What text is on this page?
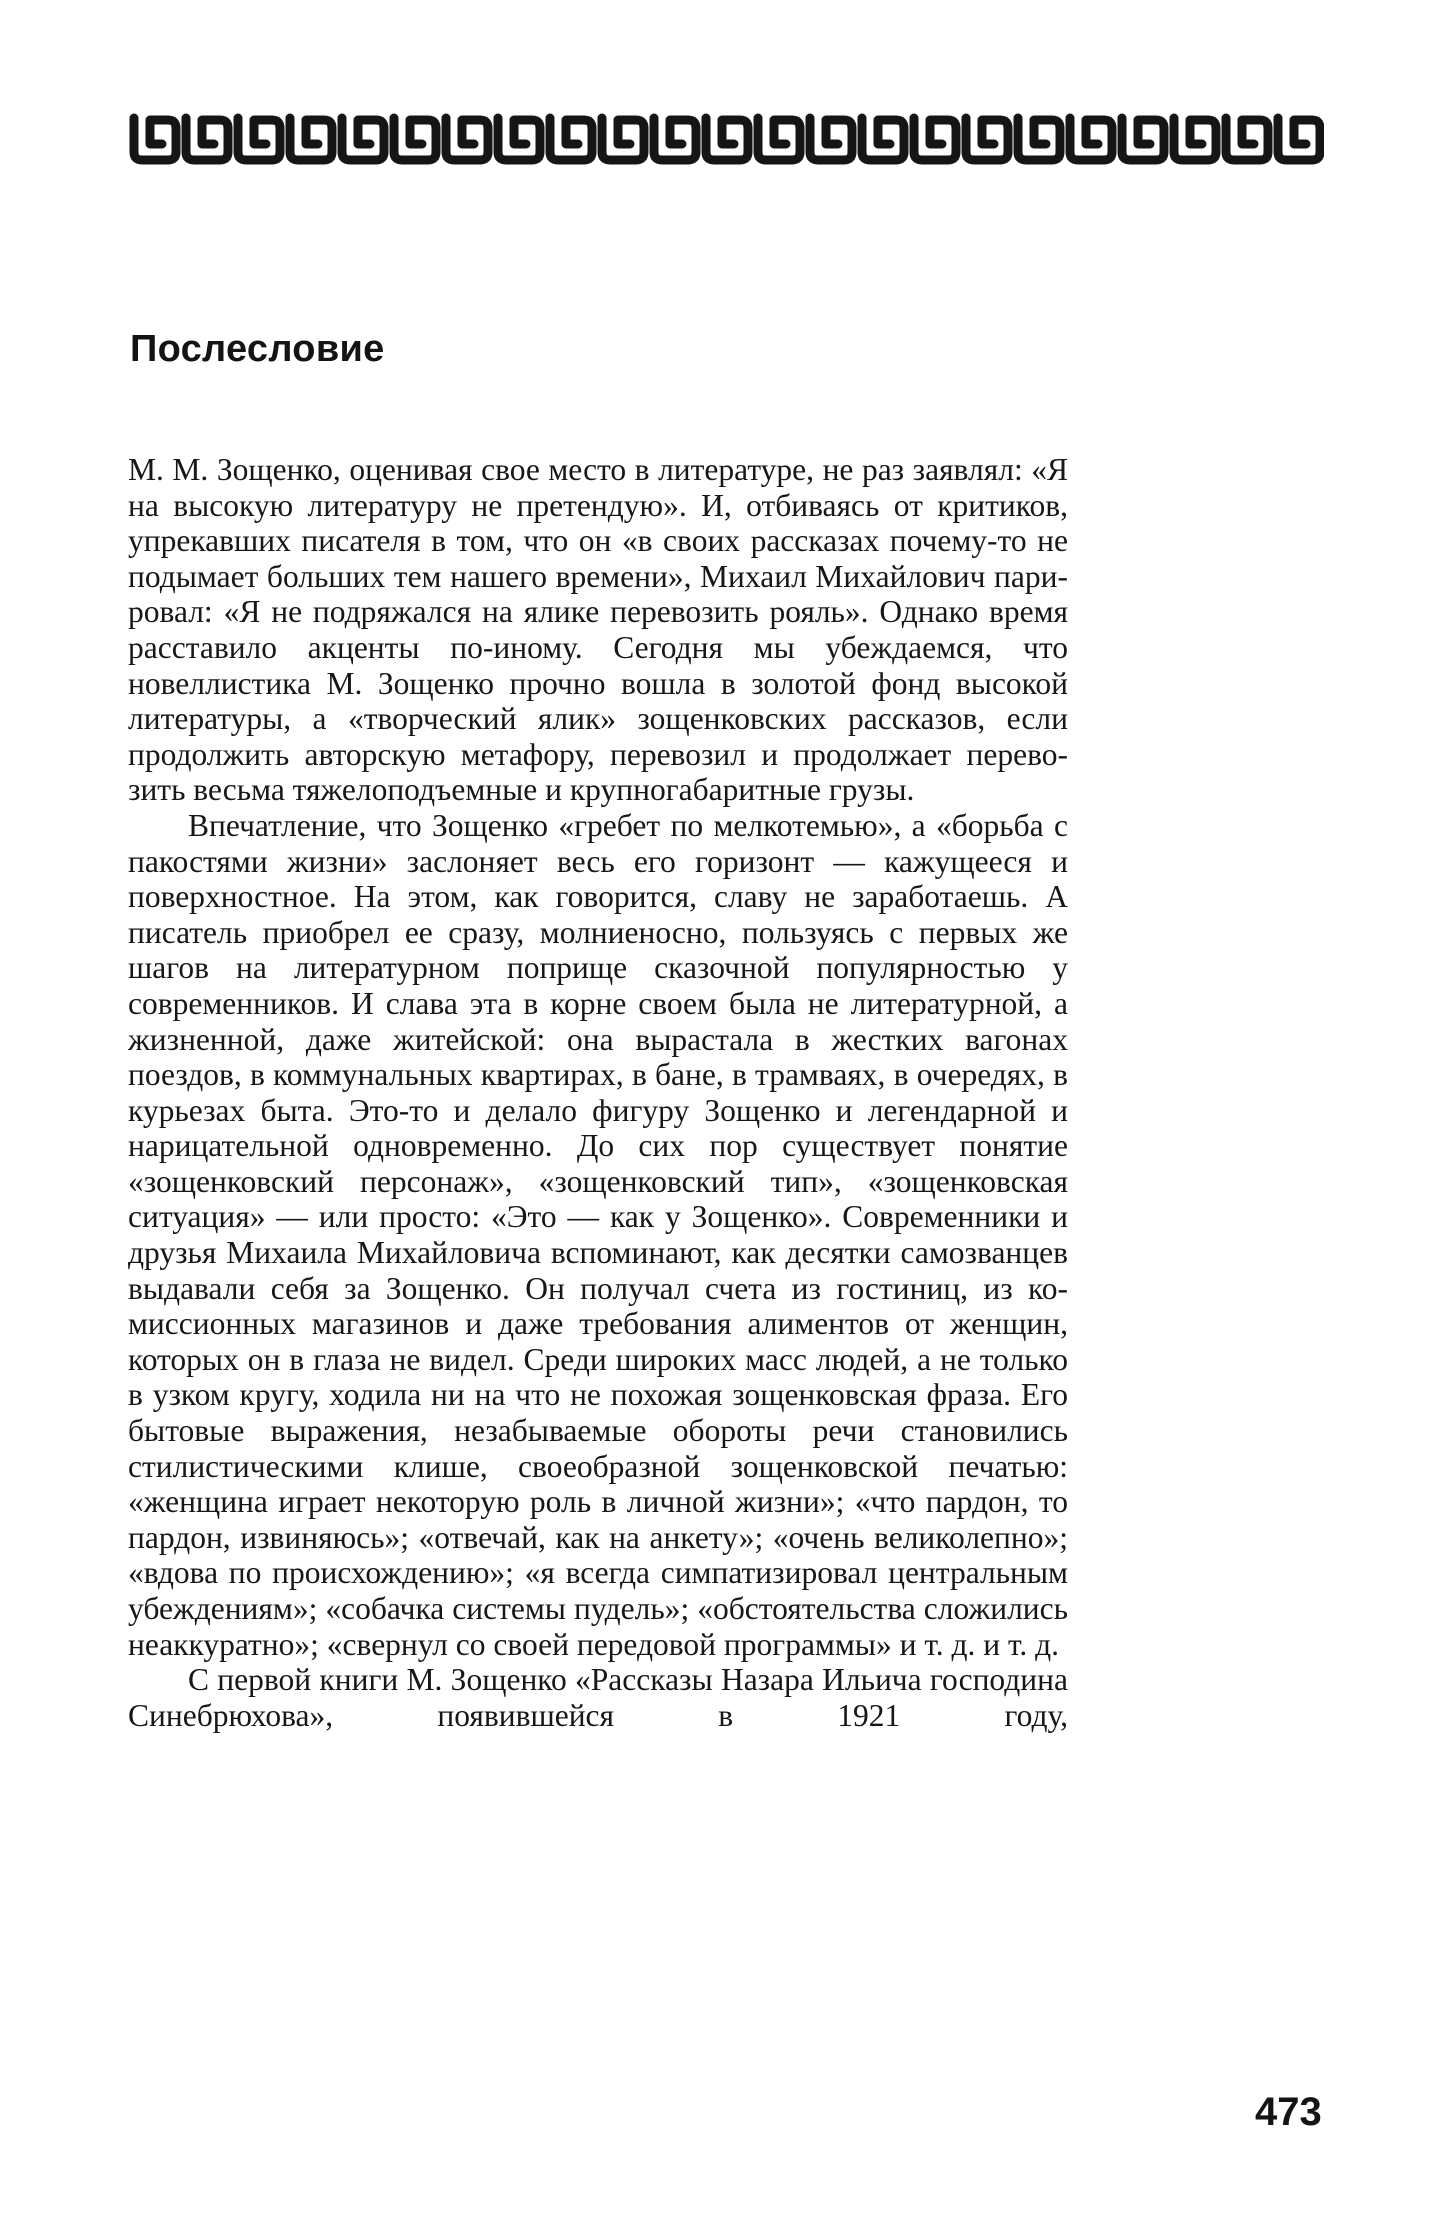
Послесловие

М. М. Зощенко, оценивая свое место в литературе, не раз заявлял: «Я на высокую литературу не претендую». И, отбиваясь от критиков, упрекавших писателя в том, что он «в своих рассказах почему-то не подымает больших тем нашего времени», Михаил Михайлович парировал: «Я не подряжался на ялике перевозить рояль». Однако время расставило акценты по-иному. Сегодня мы убеждаемся, что новеллистика М. Зощенко прочно вошла в золотой фонд высокой литературы, а «творческий ялик» зощенковских рассказов, если продолжить авторскую метафору, перевозил и продолжает перевозить весьма тяжелоподъемные и крупногабаритные грузы.

Впечатление, что Зощенко «гребет по мелкотемью», а «борьба с пакостями жизни» заслоняет весь его горизонт — кажущееся и поверхностное. На этом, как говорится, славу не заработаешь. А писатель приобрел ее сразу, молниеносно, пользуясь с первых же шагов на литературном поприще сказочной популярностью у современников. И слава эта в корне своем была не литературной, а жизненной, даже житейской: она вырастала в жестких вагонах поездов, в коммунальных квартирах, в бане, в трамваях, в очередях, в курьезах быта. Это-то и делало фигуру Зощенко и легендарной и нарицательной одновременно. До сих пор существует понятие «зощенковский персонаж», «зощенковский тип», «зощенковская ситуация» — или просто: «Это — как у Зощенко». Современники и друзья Михаила Михайловича вспоминают, как десятки самозванцев выдавали себя за Зощенко. Он получал счета из гостиниц, из комиссионных магазинов и даже требования алиментов от женщин, которых он в глаза не видел. Среди широких масс людей, а не только в узком кругу, ходила ни на что не похожая зощенковская фраза. Его бытовые выражения, незабываемые обороты речи становились стилистическими клише, своеобразной зощенковской печатью: «женщина играет некоторую роль в личной жизни»; «что пардон, то пардон, извиняюсь»; «отвечай, как на анкету»; «очень великолепно»; «вдова по происхождению»; «я всегда симпатизировал центральным убеждениям»; «собачка системы пудель»; «обстоятельства сложились неаккуратно»; «свернул со своей передовой программы» и т. д. и т. д.

С первой книги М. Зощенко «Рассказы Назара Ильича господина Синебрюхова», появившейся в 1921 году,

473
